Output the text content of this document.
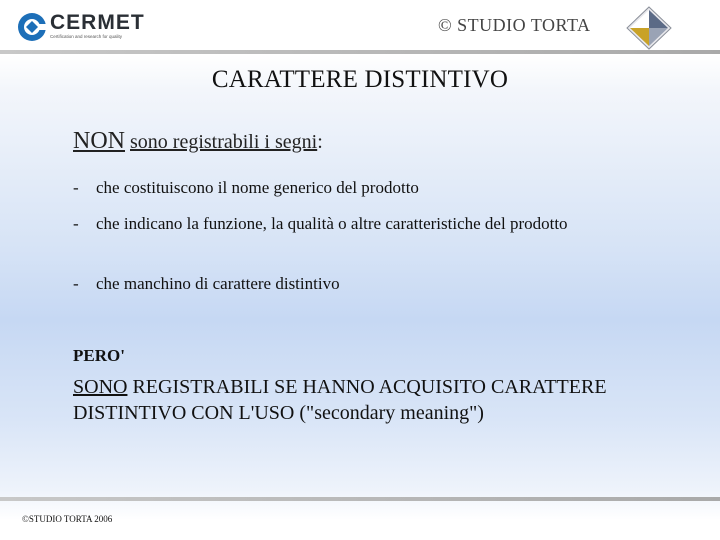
CERMET
Certification and research for quality
© STUDIO TORTA
CARATTERE DISTINTIVO
NON sono registrabili i segni:
-	che costituiscono il nome generico del prodotto
-	che indicano la funzione, la qualità o altre caratteristiche del prodotto
-	che manchino di carattere distintivo
PERO'
SONO REGISTRABILI SE HANNO ACQUISITO CARATTERE DISTINTIVO CON L'USO ("secondary meaning")
©STUDIO TORTA 2006
